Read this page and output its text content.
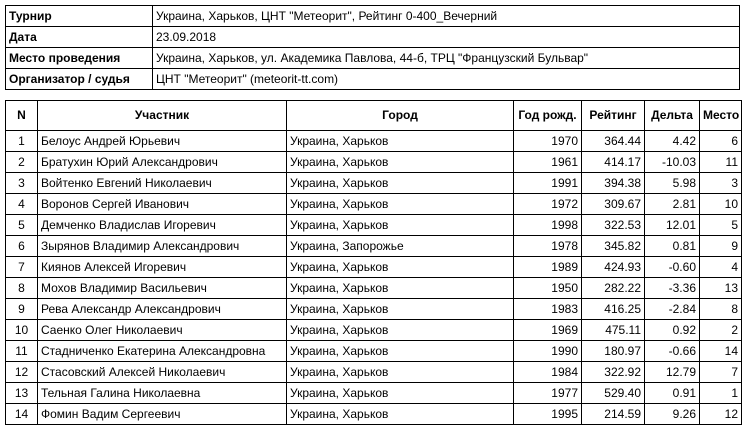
Турнир	Украина, Харьков, ЦНТ "Метеорит", Рейтинг 0-400_Вечерний
Дата	23.09.2018
Место проведения	Украина, Харьков, ул. Академика Павлова, 44-б, ТРЦ "Французский Бульвар"
Организатор / судья	ЦНТ "Метеорит" (meteorit-tt.com)
N	Участник	Город	Год рожд.	Рейтинг	Дельта	Место
1	Белоус Андрей Юрьевич	Украина, Харьков	1970	364.44	4.42	6
2	Братухин Юрий Александрович	Украина, Харьков	1961	414.17	-10.03	11
3	Войтенко Евгений Николаевич	Украина, Харьков	1991	394.38	5.98	3
4	Воронов Сергей Иванович	Украина, Харьков	1972	309.67	2.81	10
5	Демченко Владислав Игоревич	Украина, Харьков	1998	322.53	12.01	5
6	Зырянов Владимир Александрович	Украина, Запорожье	1978	345.82	0.81	9
7	Киянов Алексей Игоревич	Украина, Харьков	1989	424.93	-0.60	4
8	Мохов Владимир Васильевич	Украина, Харьков	1950	282.22	-3.36	13
9	Рева Александр Александрович	Украина, Харьков	1983	416.25	-2.84	8
10	Саенко Олег Николаевич	Украина, Харьков	1969	475.11	0.92	2
11	Стадниченко Екатерина Александровна	Украина, Харьков	1990	180.97	-0.66	14
12	Стасовский Алексей Николаевич	Украина, Харьков	1984	322.92	12.79	7
13	Тельная Галина Николаевна	Украина, Харьков	1977	529.40	0.91	1
14	Фомин Вадим Сергеевич	Украина, Харьков	1995	214.59	9.26	12
